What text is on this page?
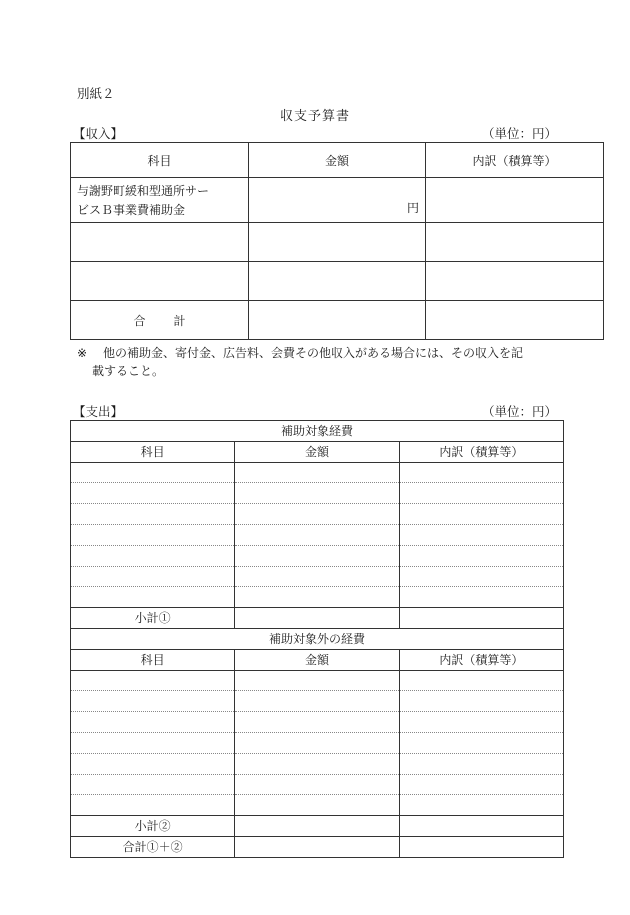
別紙２
収支予算書
【収入】	（単位：円）
科目	金額	内訳（積算等）

与謝野町緩和型通所サー
ビスＢ事業費補助金	円	

合計		
※	他の補助金、寄付金、広告料、会費その他収入がある場合には、その収入を記
載すること。
【支出】	（単位：円）
補助対象経費		
科目	金額	内訳（積算等）

小計①		
補助対象外の経費		
科目	金額	内訳（積算等）

小計②		
合計①＋②		
